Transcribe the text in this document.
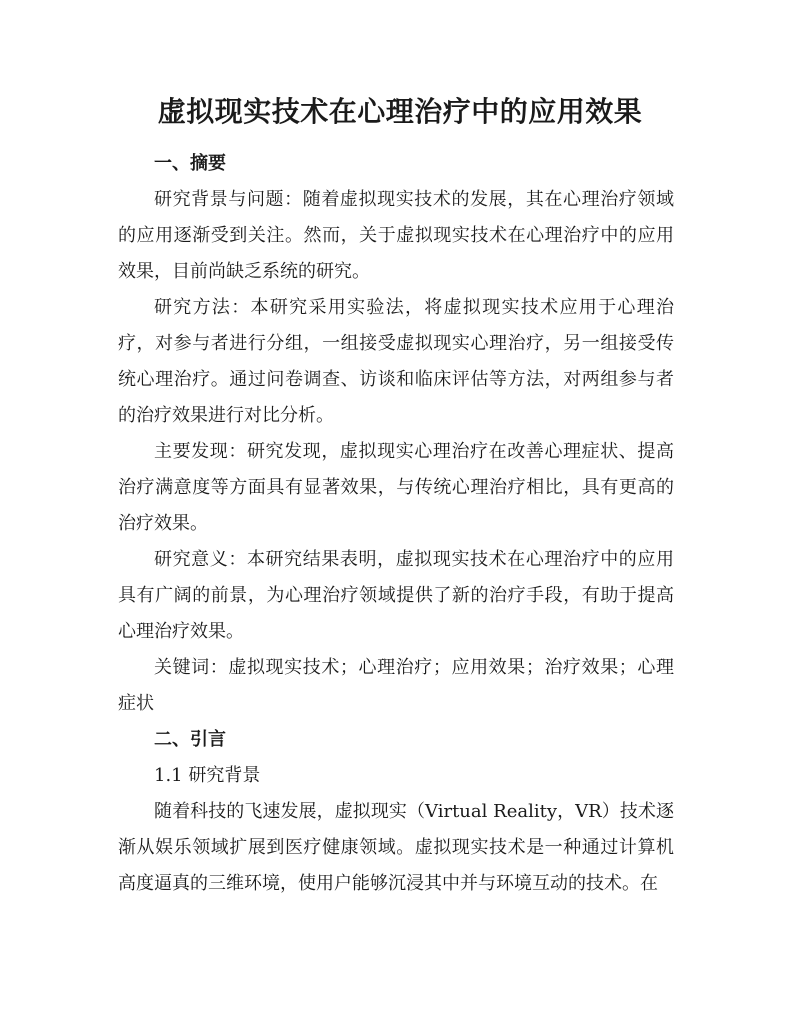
虚拟现实技术在心理治疗中的应用效果

一、摘要

研究背景与问题：随着虚拟现实技术的发展，其在心理治疗领域的应用逐渐受到关注。然而，关于虚拟现实技术在心理治疗中的应用效果，目前尚缺乏系统的研究。

研究方法：本研究采用实验法，将虚拟现实技术应用于心理治疗，对参与者进行分组，一组接受虚拟现实心理治疗，另一组接受传统心理治疗。通过问卷调查、访谈和临床评估等方法，对两组参与者的治疗效果进行对比分析。

主要发现：研究发现，虚拟现实心理治疗在改善心理症状、提高治疗满意度等方面具有显著效果，与传统心理治疗相比，具有更高的治疗效果。

研究意义：本研究结果表明，虚拟现实技术在心理治疗中的应用具有广阔的前景，为心理治疗领域提供了新的治疗手段，有助于提高心理治疗效果。

关键词：虚拟现实技术；心理治疗；应用效果；治疗效果；心理症状

二、引言

1.1 研究背景

随着科技的飞速发展，虚拟现实（Virtual Reality，VR）技术逐渐从娱乐领域扩展到医疗健康领域。虚拟现实技术是一种通过计算机高度逼真的三维环境，使用户能够沉浸其中并与环境互动的技术。在
